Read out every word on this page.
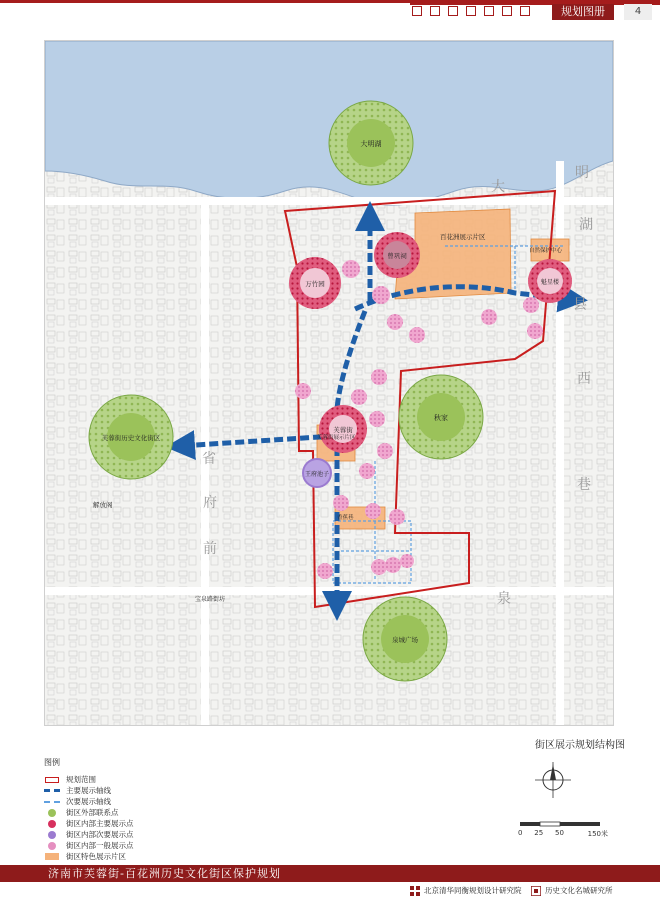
规划图册	4
大明湖
芙蓉街历史文化街区
秋家
泉城广场
万竹园
曾巩祠
魁星楼
芙蓉街
王府池子
百花洲展示片区
自然保护中心
芙蓉街展示片区
香蕉巷
解放阁
宝泉路街坊
大
明
湖
县
西
巷
省
府
前
泉
街区展示规划结构图
0 25 50	150米
图例
规划范围
主要展示轴线
次要展示轴线
街区外部联系点
街区内部主要展示点
街区内部次要展示点
街区内部一般展示点
街区特色展示片区
济南市芙蓉街-百花洲历史文化街区保护规划
北京清华同衡规划设计研究院	历史文化名城研究所
